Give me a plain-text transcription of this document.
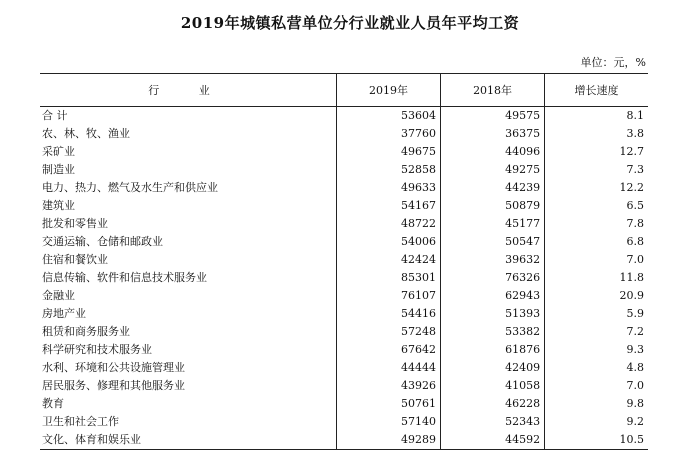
2019年城镇私营单位分行业就业人员年平均工资
单位：元，%
行 业	2019年	2018年	增长速度
合 计	53604	49575	8.1
农、林、牧、渔业	37760	36375	3.8
采矿业	49675	44096	12.7
制造业	52858	49275	7.3
电力、热力、燃气及水生产和供应业	49633	44239	12.2
建筑业	54167	50879	6.5
批发和零售业	48722	45177	7.8
交通运输、仓储和邮政业	54006	50547	6.8
住宿和餐饮业	42424	39632	7.0
信息传输、软件和信息技术服务业	85301	76326	11.8
金融业	76107	62943	20.9
房地产业	54416	51393	5.9
租赁和商务服务业	57248	53382	7.2
科学研究和技术服务业	67642	61876	9.3
水利、环境和公共设施管理业	44444	42409	4.8
居民服务、修理和其他服务业	43926	41058	7.0
教育	50761	46228	9.8
卫生和社会工作	57140	52343	9.2
文化、体育和娱乐业	49289	44592	10.5
